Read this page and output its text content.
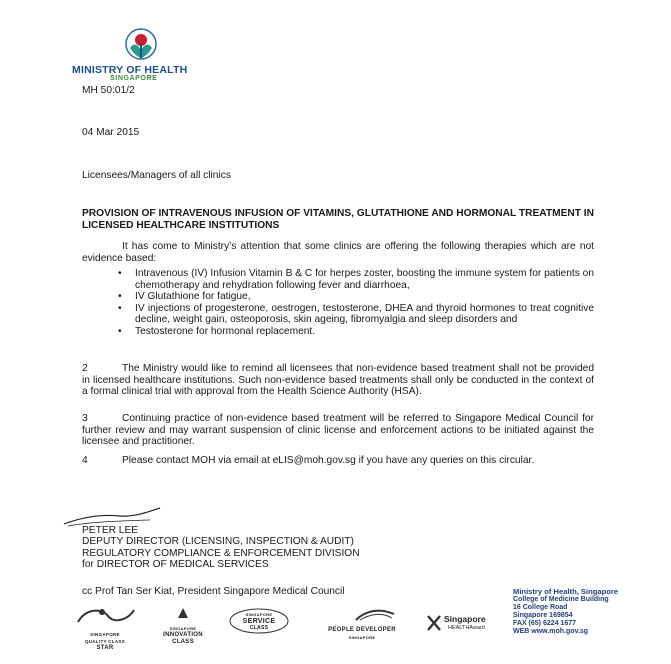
MINISTRY OF HEALTH
SINGAPORE
MH 50:01/2
04 Mar 2015
Licensees/Managers of all clinics
PROVISION OF INTRAVENOUS INFUSION OF VITAMINS, GLUTATHIONE AND HORMONAL TREATMENT IN LICENSED HEALTHCARE INSTITUTIONS
It has come to Ministry’s attention that some clinics are offering the following therapies which are not evidence based:
• Intravenous (IV) Infusion Vitamin B & C for herpes zoster, boosting the immune system for patients on chemotherapy and rehydration following fever and diarrhoea,
• IV Glutathione for fatigue,
• IV injections of progesterone, oestrogen, testosterone, DHEA and thyroid hormones to treat cognitive decline, weight gain, osteoporosis, skin ageing, fibromyalgia and sleep disorders and
• Testosterone for hormonal replacement.
2	The Ministry would like to remind all licensees that non-evidence based treatment shall not be provided in licensed healthcare institutions. Such non-evidence based treatments shall only be conducted in the context of a formal clinical trial with approval from the Health Science Authority (HSA).
3	Continuing practice of non-evidence based treatment will be referred to Singapore Medical Council for further review and may warrant suspension of clinic license and enforcement actions to be initiated against the licensee and practitioner.
4	Please contact MOH via email at eLIS@moh.gov.sg if you have any queries on this circular.
PETER LEE
DEPUTY DIRECTOR (LICENSING, INSPECTION & AUDIT)
REGULATORY COMPLIANCE & ENFORCEMENT DIVISION
for DIRECTOR OF MEDICAL SERVICES
cc Prof Tan Ser Kiat, President Singapore Medical Council
SINGAPORE
QUALITY CLASS
STAR
SINGAPORE
INNOVATION
CLASS
SINGAPORE
SERVICE
CLASS	PEOPLE DEVELOPER
SINGAPORE
Singapore
HEALTHAward
Ministry of Health, Singapore
College of Medicine Building
16 College Road
Singapore 169854
FAX (65) 6224 1677
WEB www.moh.gov.sg
